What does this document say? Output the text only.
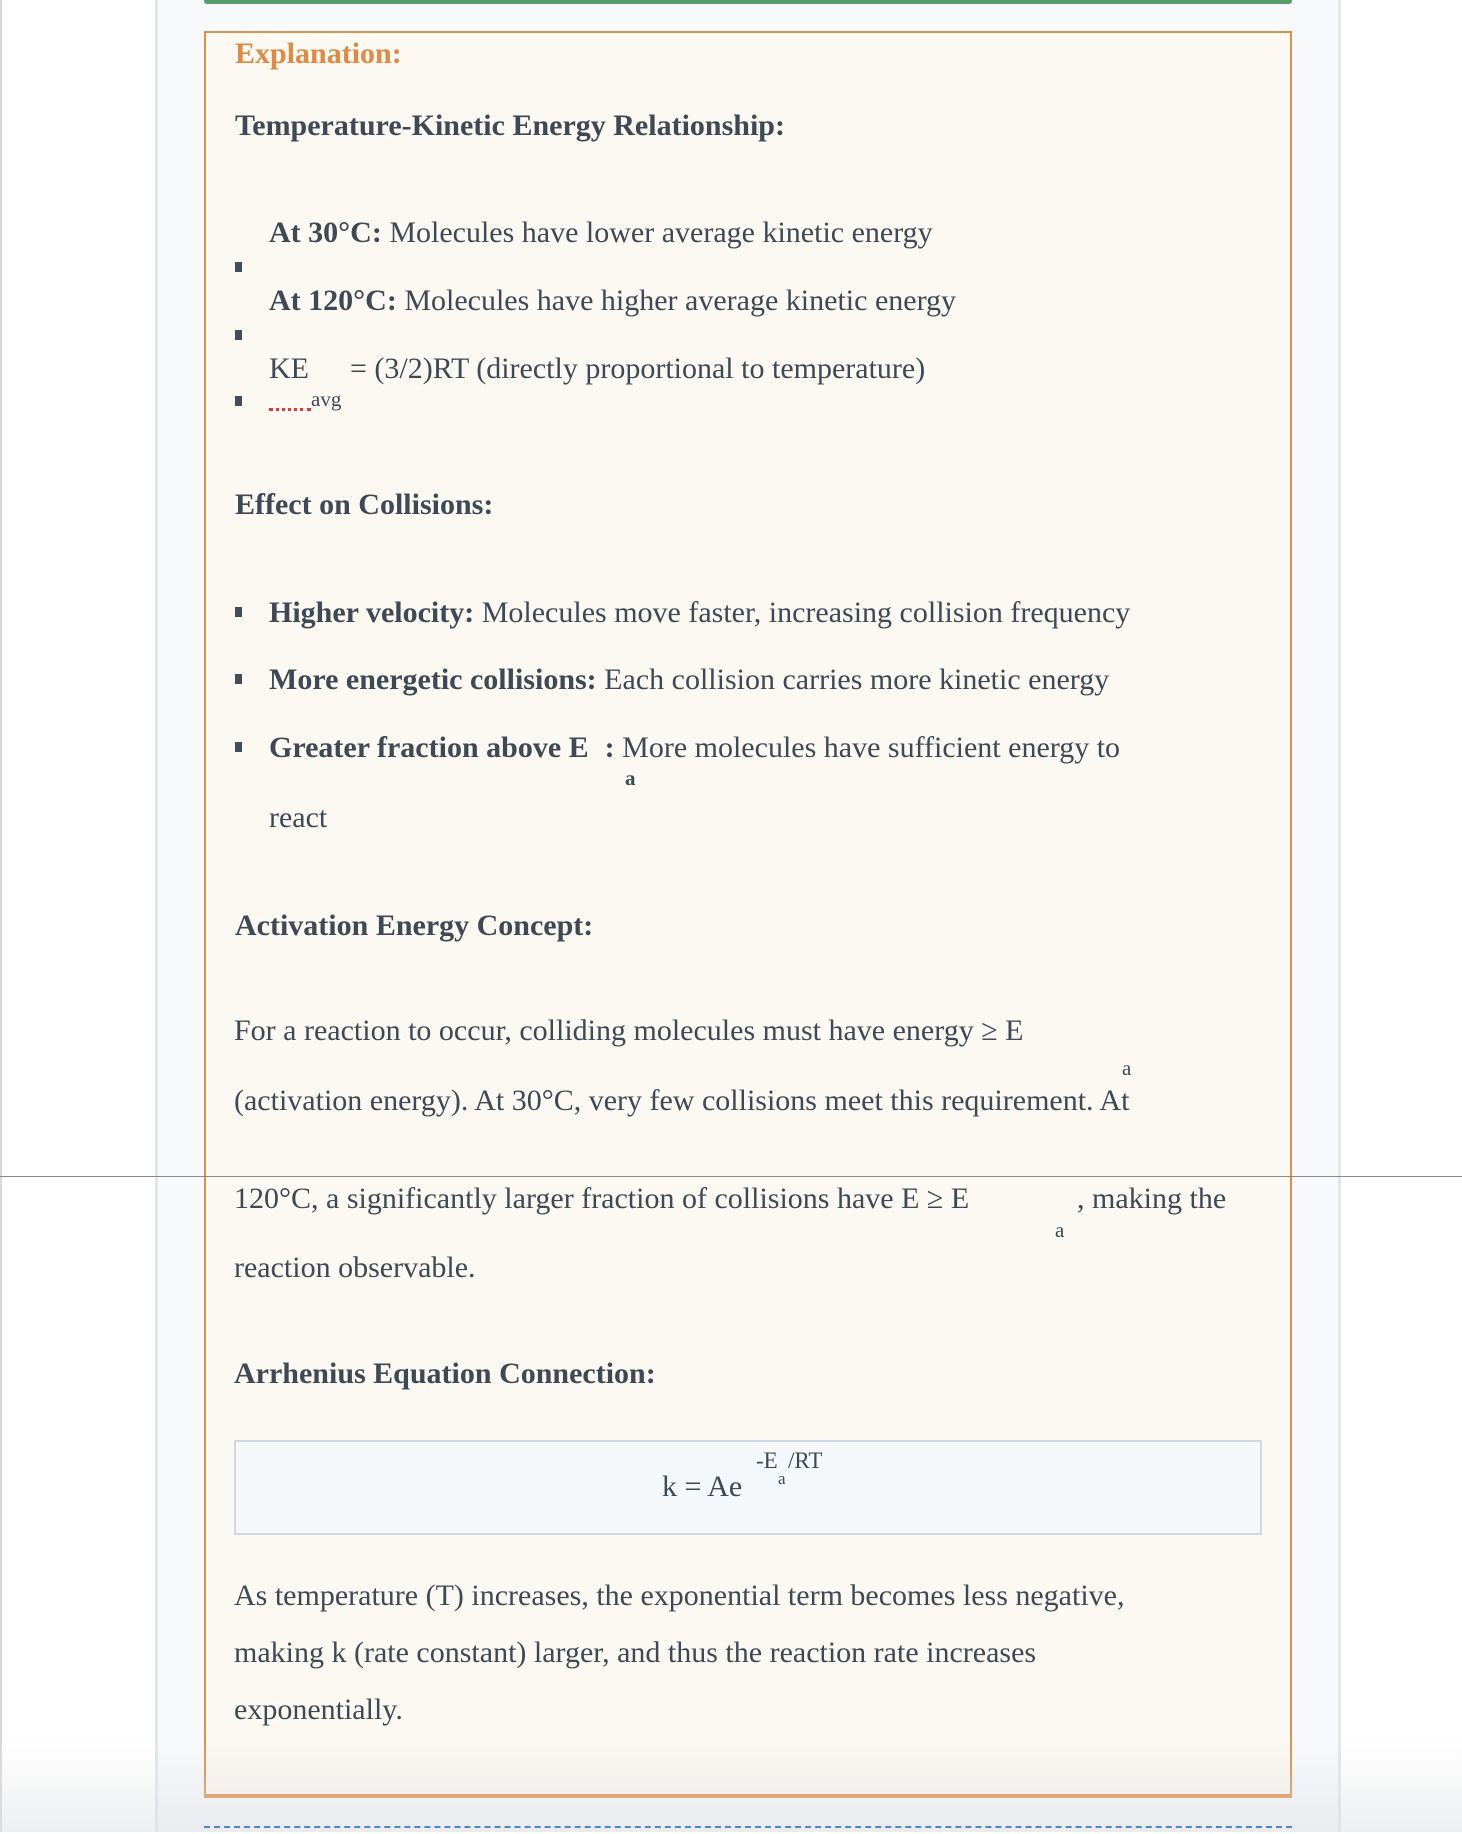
Explanation:
Temperature-Kinetic Energy Relationship:
At 30°C: Molecules have lower average kinetic energy
At 120°C: Molecules have higher average kinetic energy
KE = (3/2)RT (directly proportional to temperature)
avg
Effect on Collisions:
Higher velocity: Molecules move faster, increasing collision frequency
More energetic collisions: Each collision carries more kinetic energy
Greater fraction above E : More molecules have sufficient energy to
a
react
Activation Energy Concept:
For a reaction to occur, colliding molecules must have energy ≥ E
a
(activation energy). At 30°C, very few collisions meet this requirement. At
120°C, a significantly larger fraction of collisions have E ≥ E
a
, making the
reaction observable.
Arrhenius Equation Connection:
k = Ae
-E
a
/RT
As temperature (T) increases, the exponential term becomes less negative,
making k (rate constant) larger, and thus the reaction rate increases
exponentially.
